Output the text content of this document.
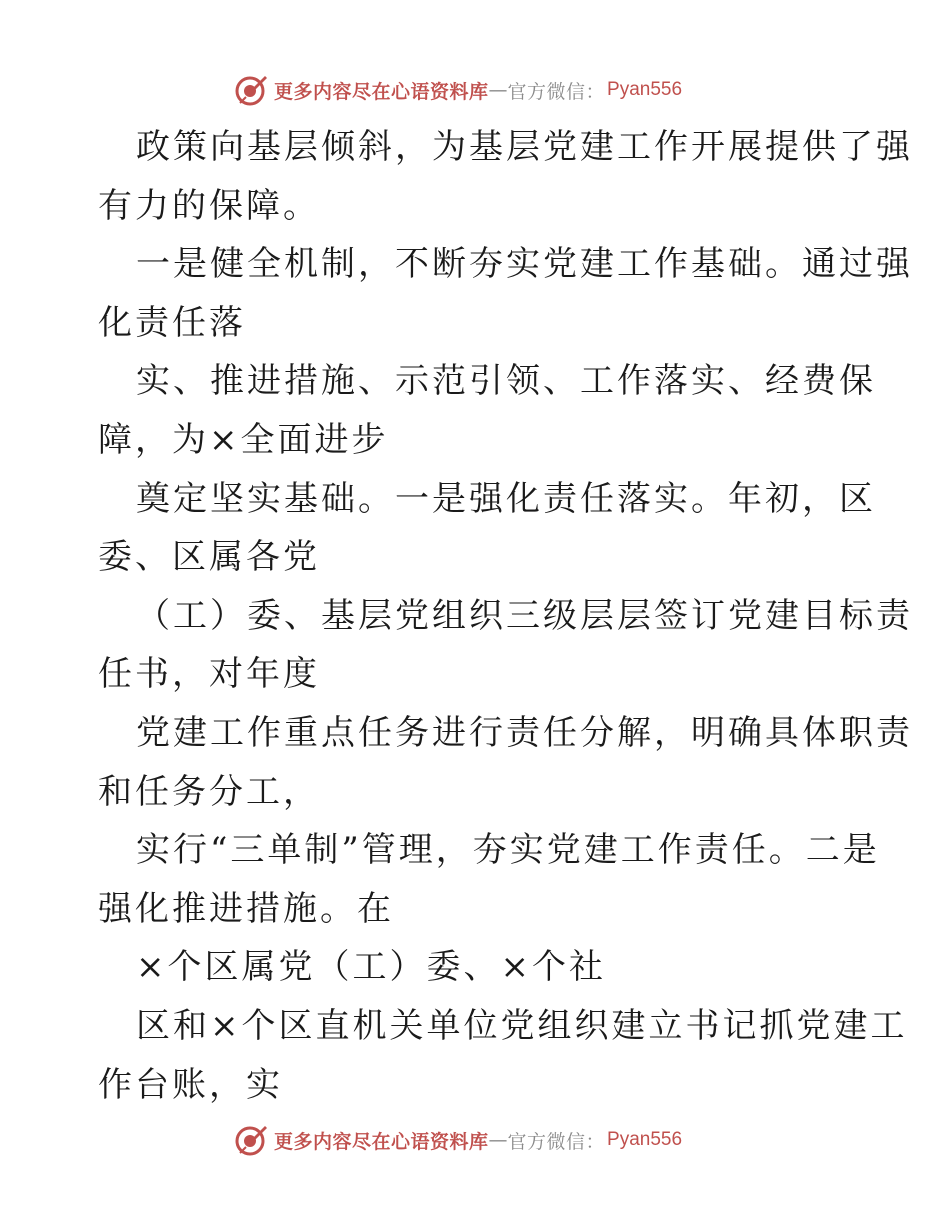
更多内容尽在心语资料库 — 官方微信： Pyan556
政策向基层倾斜，为基层党建工作开展提供了强
有力的保障。
一是健全机制，不断夯实党建工作基础。通过强
化责任落
实、推进措施、示范引领、工作落实、经费保
障，为×全面进步
奠定坚实基础。一是强化责任落实。年初，区
委、区属各党
（工）委、基层党组织三级层层签订党建目标责
任书，对年度
党建工作重点任务进行责任分解，明确具体职责
和任务分工，
实行“三单制”管理，夯实党建工作责任。二是
强化推进措施。在
×个区属党（工）委、×个社
区和×个区直机关单位党组织建立书记抓党建工
作台账，实
更多内容尽在心语资料库 — 官方微信： Pyan556
